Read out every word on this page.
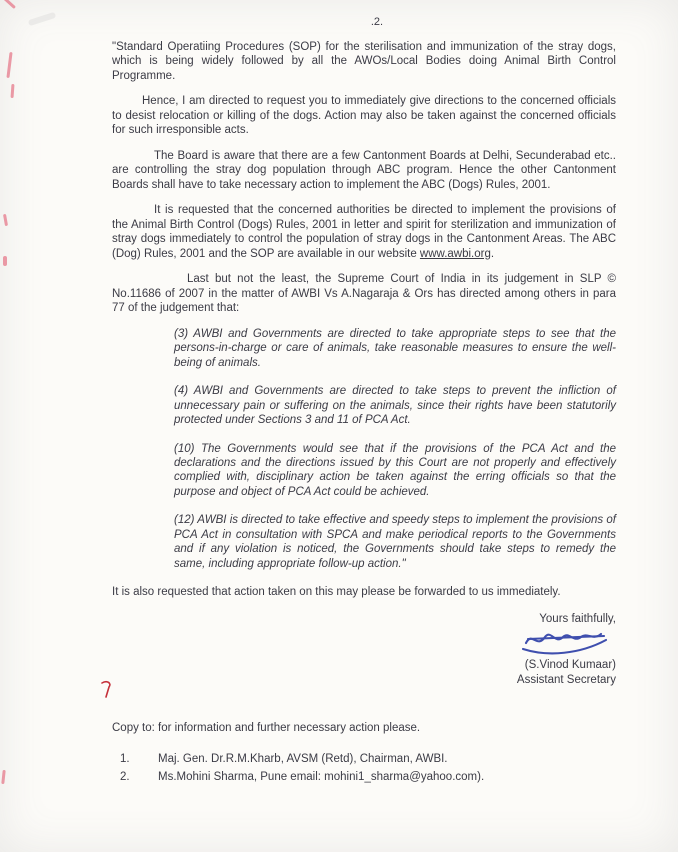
.2.

"Standard Operatiing Procedures (SOP) for the sterilisation and immunization of the stray dogs, which is being widely followed by all the AWOs/Local Bodies doing Animal Birth Control Programme.

Hence, I am directed to request you to immediately give directions to the concerned officials to desist relocation or killing of the dogs. Action may also be taken against the concerned officials for such irresponsible acts.

The Board is aware that there are a few Cantonment Boards at Delhi, Secunderabad etc.. are controlling the stray dog population through ABC program. Hence the other Cantonment Boards shall have to take necessary action to implement the ABC (Dogs) Rules, 2001.

It is requested that the concerned authorities be directed to implement the provisions of the Animal Birth Control (Dogs) Rules, 2001 in letter and spirit for sterilization and immunization of stray dogs immediately to control the population of stray dogs in the Cantonment Areas. The ABC (Dog) Rules, 2001 and the SOP are available in our website www.awbi.org.

Last but not the least, the Supreme Court of India in its judgement in SLP © No.11686 of 2007 in the matter of AWBI Vs A.Nagaraja & Ors has directed among others in para 77 of the judgement that:

(3) AWBI and Governments are directed to take appropriate steps to see that the persons-in-charge or care of animals, take reasonable measures to ensure the well-being of animals.

(4) AWBI and Governments are directed to take steps to prevent the infliction of unnecessary pain or suffering on the animals, since their rights have been statutorily protected under Sections 3 and 11 of PCA Act.

(10) The Governments would see that if the provisions of the PCA Act and the declarations and the directions issued by this Court are not properly and effectively complied with, disciplinary action be taken against the erring officials so that the purpose and object of PCA Act could be achieved.

(12) AWBI is directed to take effective and speedy steps to implement the provisions of PCA Act in consultation with SPCA and make periodical reports to the Governments and if any violation is noticed, the Governments should take steps to remedy the same, including appropriate follow-up action."

It is also requested that action taken on this may please be forwarded to us immediately.

Yours faithfully,
(S.Vinod Kumaar)
Assistant Secretary
Copy to: for information and further necessary action please.
1. Maj. Gen. Dr.R.M.Kharb, AVSM (Retd), Chairman, AWBI.
2. Ms.Mohini Sharma, Pune email: mohini1_sharma@yahoo.com).
